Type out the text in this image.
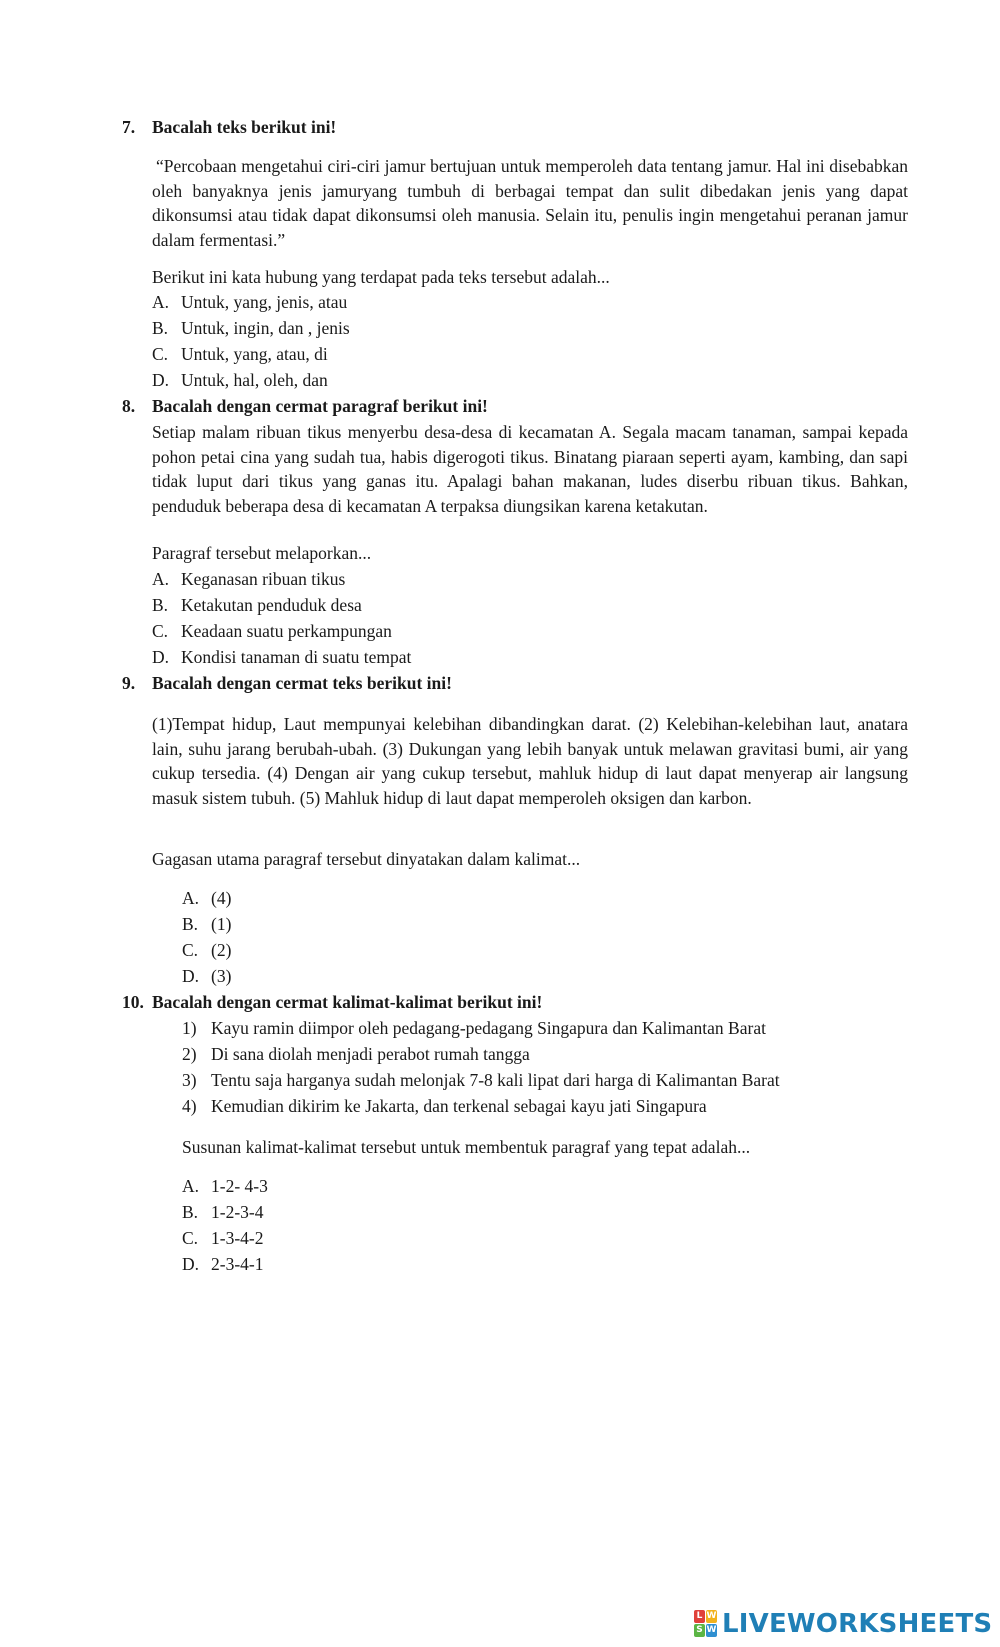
7. Bacalah teks berikut ini!
“Percobaan mengetahui ciri-ciri jamur bertujuan untuk memperoleh data tentang jamur. Hal ini disebabkan oleh banyaknya jenis jamuryang tumbuh di berbagai tempat dan sulit dibedakan jenis yang dapat dikonsumsi atau tidak dapat dikonsumsi oleh manusia. Selain itu, penulis ingin mengetahui peranan jamur dalam fermentasi.”
Berikut ini kata hubung yang terdapat pada teks tersebut adalah...
A. Untuk, yang, jenis, atau
B. Untuk, ingin, dan , jenis
C. Untuk, yang, atau, di
D. Untuk, hal, oleh, dan
8. Bacalah dengan cermat paragraf berikut ini!
Setiap malam ribuan tikus menyerbu desa-desa di kecamatan A. Segala macam tanaman, sampai kepada pohon petai cina yang sudah tua, habis digerogoti tikus. Binatang piaraan seperti ayam, kambing, dan sapi tidak luput dari tikus yang ganas itu. Apalagi bahan makanan, ludes diserbu ribuan tikus. Bahkan, penduduk beberapa desa di kecamatan A terpaksa diungsikan karena ketakutan.
Paragraf tersebut melaporkan...
A. Keganasan ribuan tikus
B. Ketakutan penduduk desa
C. Keadaan suatu perkampungan
D. Kondisi tanaman di suatu tempat
9. Bacalah dengan cermat teks berikut ini!
(1)Tempat hidup, Laut mempunyai kelebihan dibandingkan darat. (2) Kelebihan-kelebihan laut, anatara lain, suhu jarang berubah-ubah. (3) Dukungan yang lebih banyak untuk melawan gravitasi bumi, air yang cukup tersedia. (4) Dengan air yang cukup tersebut, mahluk hidup di laut dapat menyerap air langsung masuk sistem tubuh. (5) Mahluk hidup di laut dapat memperoleh oksigen dan karbon.
Gagasan utama paragraf tersebut dinyatakan dalam kalimat...
A. (4)
B. (1)
C. (2)
D. (3)
10. Bacalah dengan cermat kalimat-kalimat berikut ini!
1) Kayu ramin diimpor oleh pedagang-pedagang Singapura dan Kalimantan Barat
2) Di sana diolah menjadi perabot rumah tangga
3) Tentu saja harganya sudah melonjak 7-8 kali lipat dari harga di Kalimantan Barat
4) Kemudian dikirim ke Jakarta, dan terkenal sebagai kayu jati Singapura
Susunan kalimat-kalimat tersebut untuk membentuk paragraf yang tepat adalah...
A. 1-2- 4-3
B. 1-2-3-4
C. 1-3-4-2
D. 2-3-4-1
L W
S W LIVEWORKSHEETS
